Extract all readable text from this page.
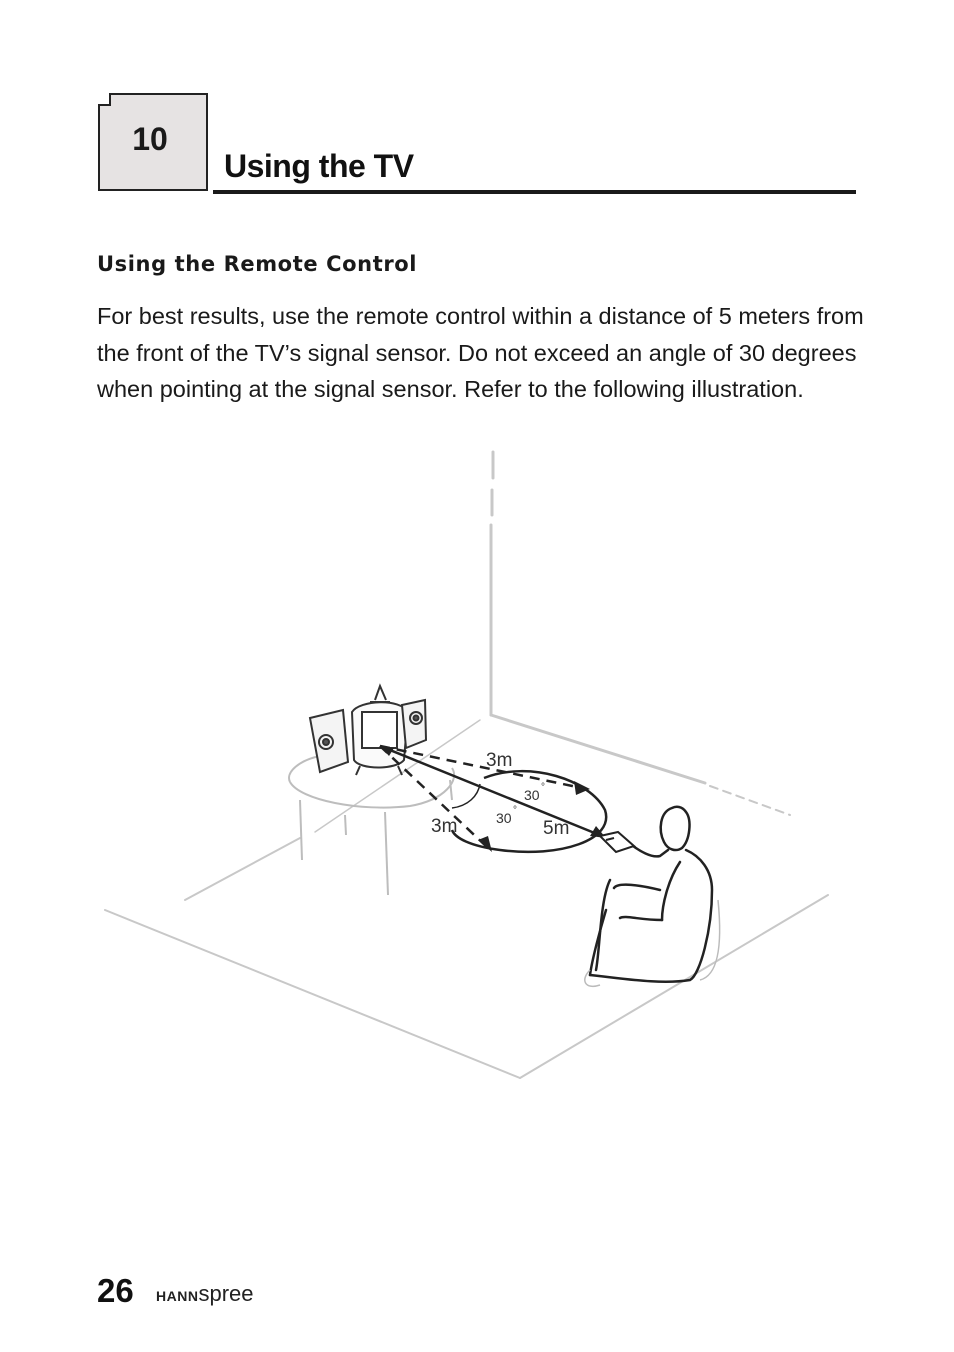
10
Using the TV
Using the Remote Control

For best results, use the remote control within a distance of 5 meters from the front of the TV’s signal sensor. Do not exceed an angle of 30 degrees when pointing at the signal sensor. Refer to the following illustration.

3m
3m	5m
30 °
30 °
26 HANNspree
